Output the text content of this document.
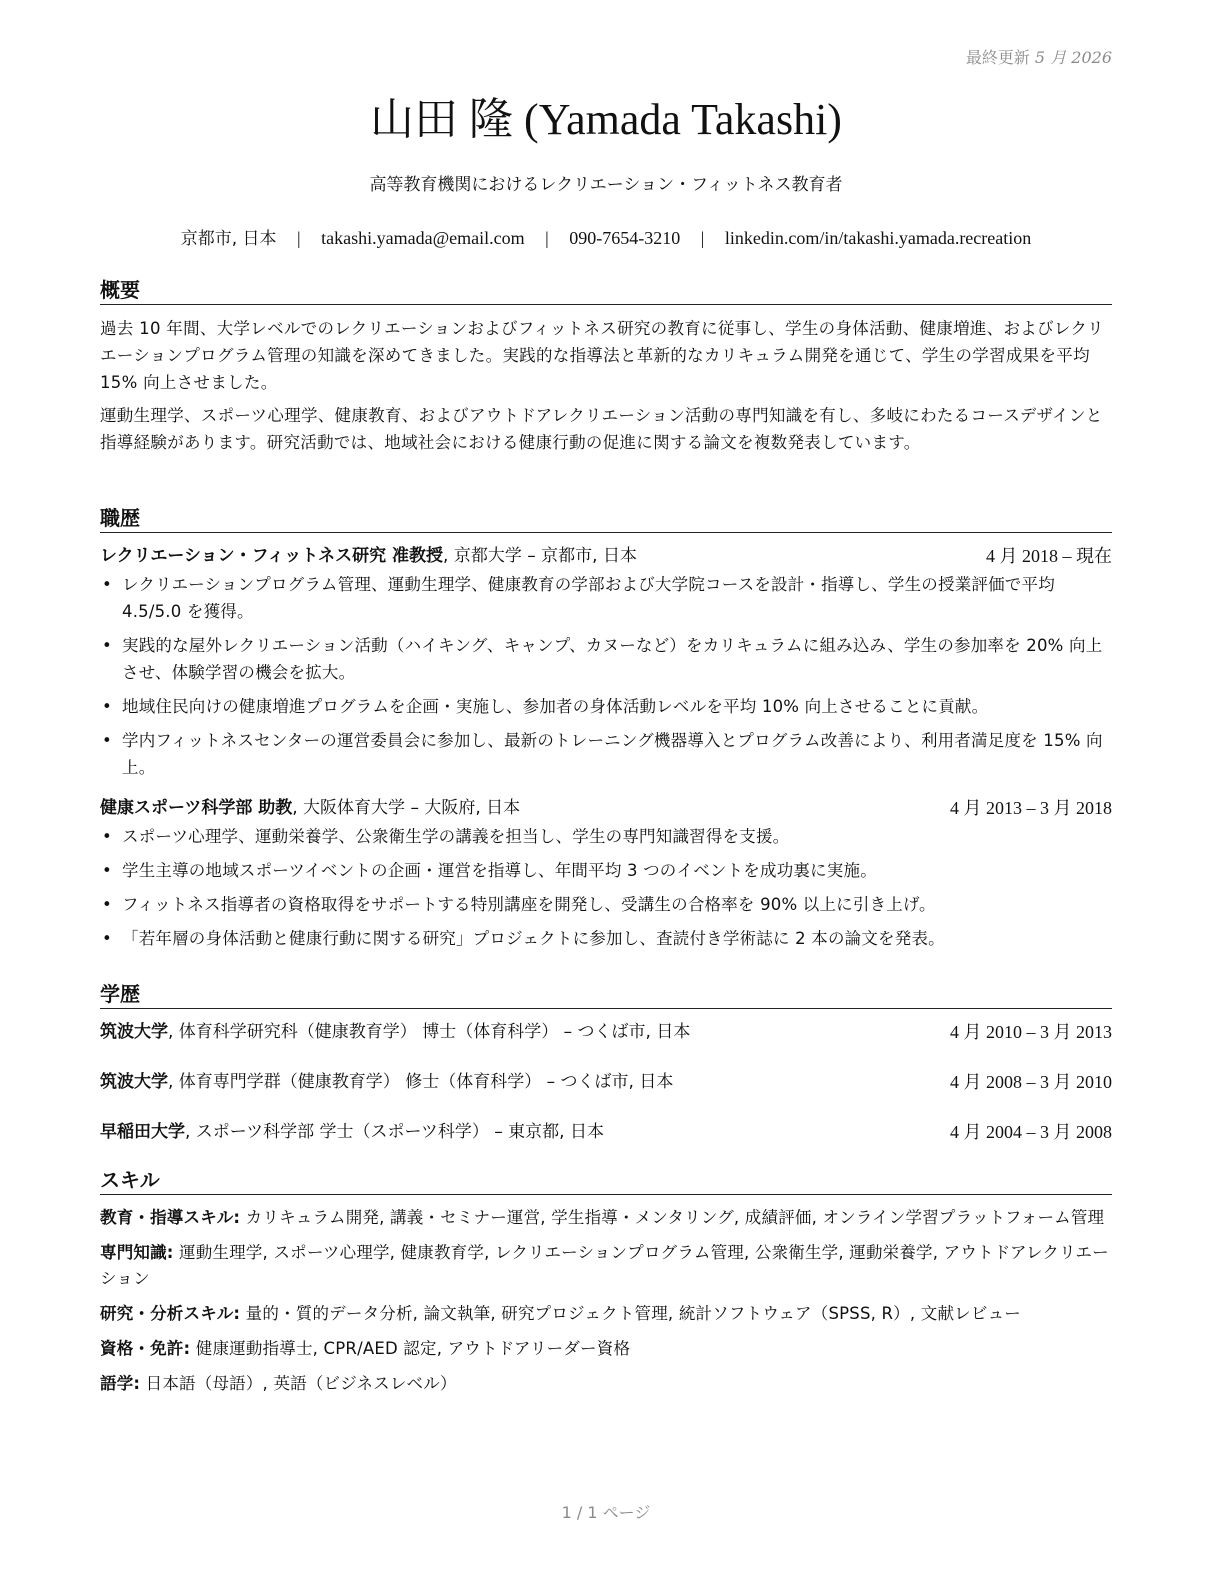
最終更新 5 月 2026
山田 隆 (Yamada Takashi)
高等教育機関におけるレクリエーション・フィットネス教育者
京都市, 日本 | takashi.yamada@email.com | 090-7654-3210 | linkedin.com/in/takashi.yamada.recreation
概要

過去 10 年間、大学レベルでのレクリエーションおよびフィットネス研究の教育に従事し、学生の身体活動、健康増進、およびレクリエーションプログラム管理の知識を深めてきました。実践的な指導法と革新的なカリキュラム開発を通じて、学生の学習成果を平均 15% 向上させました。

運動生理学、スポーツ心理学、健康教育、およびアウトドアレクリエーション活動の専門知識を有し、多岐にわたるコースデザインと指導経験があります。研究活動では、地域社会における健康行動の促進に関する論文を複数発表しています。

職歴
レクリエーション・フィットネス研究 准教授, 京都大学 – 京都市, 日本	4 月 2018 – 現在
• レクリエーションプログラム管理、運動生理学、健康教育の学部および大学院コースを設計・指導し、学生の授業評価で平均 4.5/5.0 を獲得。
• 実践的な屋外レクリエーション活動（ハイキング、キャンプ、カヌーなど）をカリキュラムに組み込み、学生の参加率を 20% 向上させ、体験学習の機会を拡大。
• 地域住民向けの健康増進プログラムを企画・実施し、参加者の身体活動レベルを平均 10% 向上させることに貢献。
• 学内フィットネスセンターの運営委員会に参加し、最新のトレーニング機器導入とプログラム改善により、利用者満足度を 15% 向上。
健康スポーツ科学部 助教, 大阪体育大学 – 大阪府, 日本	4 月 2013 – 3 月 2018
• スポーツ心理学、運動栄養学、公衆衛生学の講義を担当し、学生の専門知識習得を支援。
• 学生主導の地域スポーツイベントの企画・運営を指導し、年間平均 3 つのイベントを成功裏に実施。
• フィットネス指導者の資格取得をサポートする特別講座を開発し、受講生の合格率を 90% 以上に引き上げ。
• 「若年層の身体活動と健康行動に関する研究」プロジェクトに参加し、査読付き学術誌に 2 本の論文を発表。
学歴
筑波大学, 体育科学研究科（健康教育学） 博士（体育科学） – つくば市, 日本	4 月 2010 – 3 月 2013
筑波大学, 体育専門学群（健康教育学） 修士（体育科学） – つくば市, 日本	4 月 2008 – 3 月 2010
早稲田大学, スポーツ科学部 学士（スポーツ科学） – 東京都, 日本	4 月 2004 – 3 月 2008
スキル
教育・指導スキル: カリキュラム開発, 講義・セミナー運営, 学生指導・メンタリング, 成績評価, オンライン学習プラットフォーム管理
専門知識: 運動生理学, スポーツ心理学, 健康教育学, レクリエーションプログラム管理, 公衆衛生学, 運動栄養学, アウトドアレクリエーション
研究・分析スキル: 量的・質的データ分析, 論文執筆, 研究プロジェクト管理, 統計ソフトウェア（SPSS, R）, 文献レビュー
資格・免許: 健康運動指導士, CPR/AED 認定, アウトドアリーダー資格
語学: 日本語（母語）, 英語（ビジネスレベル）
1 / 1 ページ
